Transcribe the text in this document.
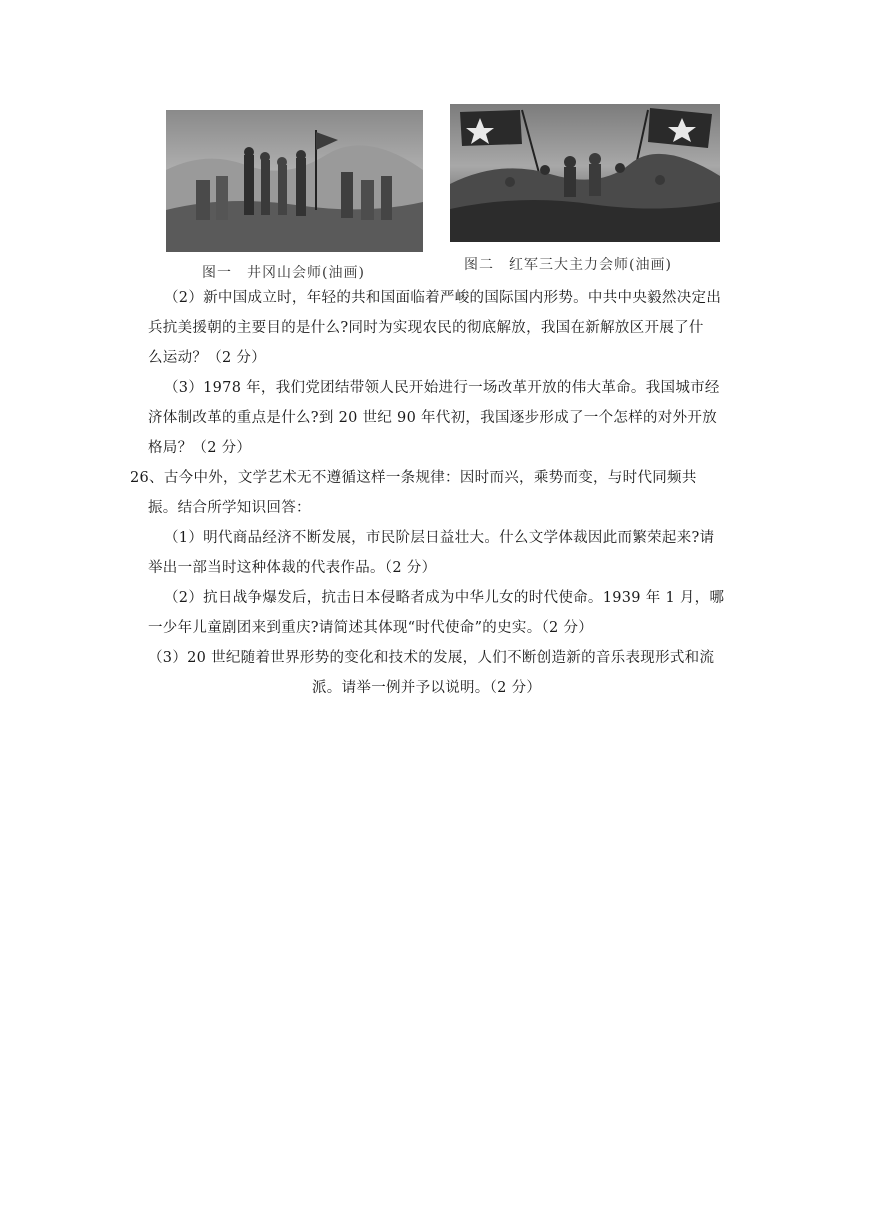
图一　井冈山会师(油画)	图二　红军三大主力会师(油画)
（2）新中国成立时，年轻的共和国面临着严峻的国际国内形势。中共中央毅然决定出
兵抗美援朝的主要目的是什么?同时为实现农民的彻底解放，我国在新解放区开展了什
么运动？（2 分）
（3）1978 年，我们党团结带领人民开始进行一场改革开放的伟大革命。我国城市经
济体制改革的重点是什么?到 20 世纪 90 年代初，我国逐步形成了一个怎样的对外开放
格局？（2 分）
26、古今中外，文学艺术无不遵循这样一条规律：因时而兴，乘势而变，与时代同频共
振。结合所学知识回答：
（1）明代商品经济不断发展，市民阶层日益壮大。什么文学体裁因此而繁荣起来?请
举出一部当时这种体裁的代表作品。（2 分）
（2）抗日战争爆发后，抗击日本侵略者成为中华儿女的时代使命。1939 年 1 月，哪
一少年儿童剧团来到重庆?请简述其体现“时代使命”的史实。（2 分）
（3）20 世纪随着世界形势的变化和技术的发展，人们不断创造新的音乐表现形式和流
派。请举一例并予以说明。（2 分）
